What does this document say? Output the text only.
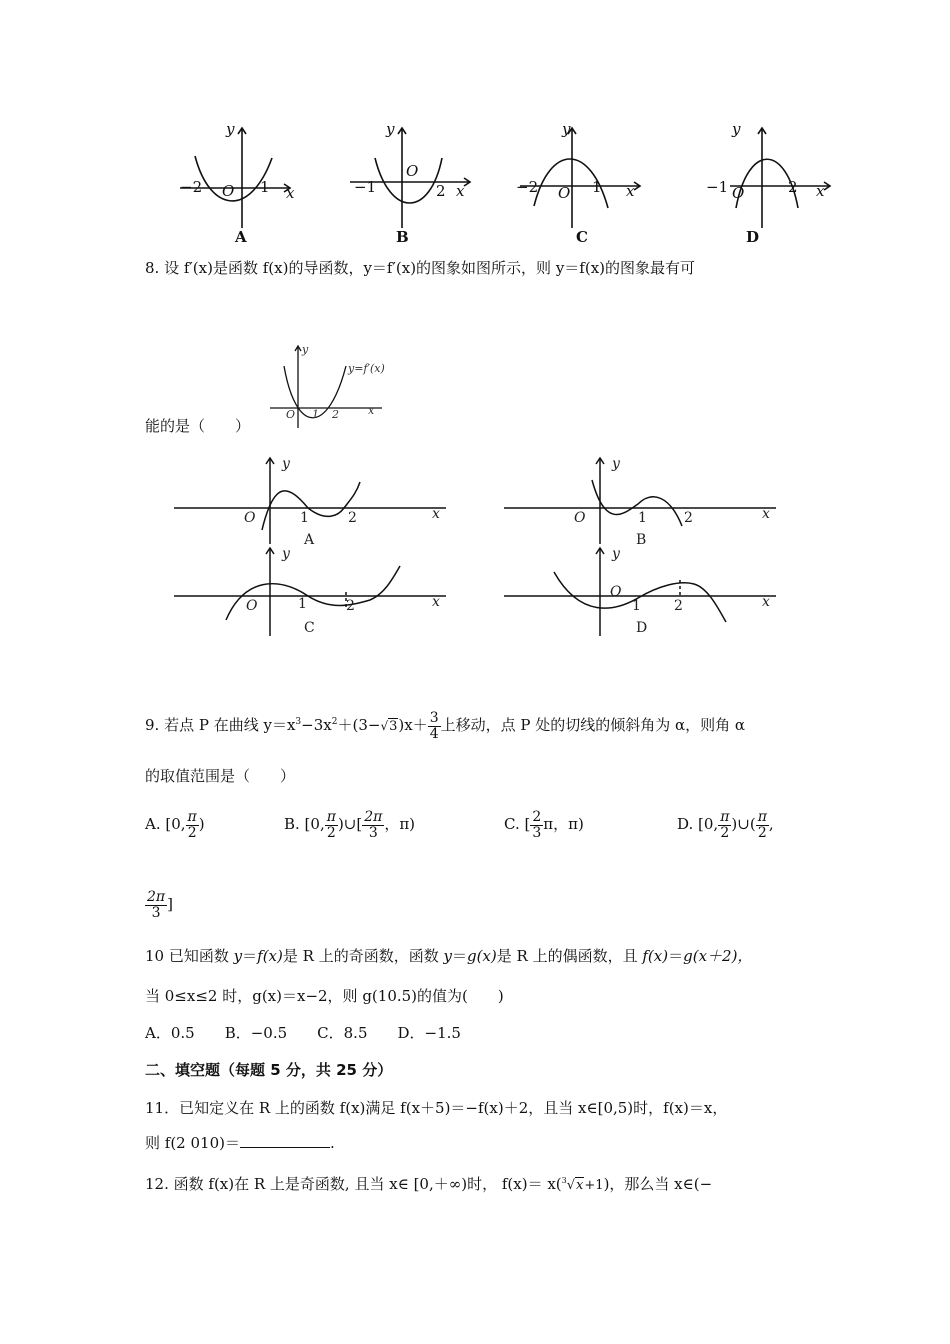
y
−2 O 1 x
A
y
−1
O
2 x
B
y
−2 O 1 x
C
y
−1 O	2 x
D
8. 设 f′(x)是函数 f(x)的导函数，y＝f′(x)的图象如图所示，则 y＝f(x)的图象最有可
y
y=f′(x)
O 1 2	x
能的是（　　）
y
O	1	2	x
A
y
O	1	2	x
B
y
O	1	2	x
C
y
O
1 2	x
D
9. 若点 P 在曲线 $y=x^3-3x^2+(3-√3)x+ \frac{3}{4}$ 上移动，点 P 处的切线的倾斜角为 α，则角 α
的取值范围是（　　）
A. [0, $\frac{\pi}{2}$ )	B. [0, $\frac{\pi}{2}$ )∪[ $\frac{2\pi}{3}$ ，π)	C. [ $\frac{2}{3}$ π，π)	D. [0, $\frac{\pi}{2}$ )∪( $\frac{\pi}{2}$ ,
$\frac{2\pi}{3}$ ]
10 已知函数 y＝f(x)是 R 上的奇函数，函数 y＝g(x)是 R 上的偶函数，且 f(x)＝g(x＋2)，
当 0≤x≤2 时，g(x)＝x−2，则 g(10.5)的值为(　　)
A．0.5 B．−0.5 C．8.5 D．−1.5
二、填空题（每题 5 分，共 25 分）
11．已知定义在 R 上的函数 f(x)满足 f(x＋5)＝−f(x)＋2，且当 x∈[0,5)时，f(x)＝x，
则 f(2 010)＝	.
12. 函数 f(x)在 R 上是奇函数, 且当 x∈ [0,＋∞)时， f(x)＝ x($^3$√x+1)，那么当 x∈(−
